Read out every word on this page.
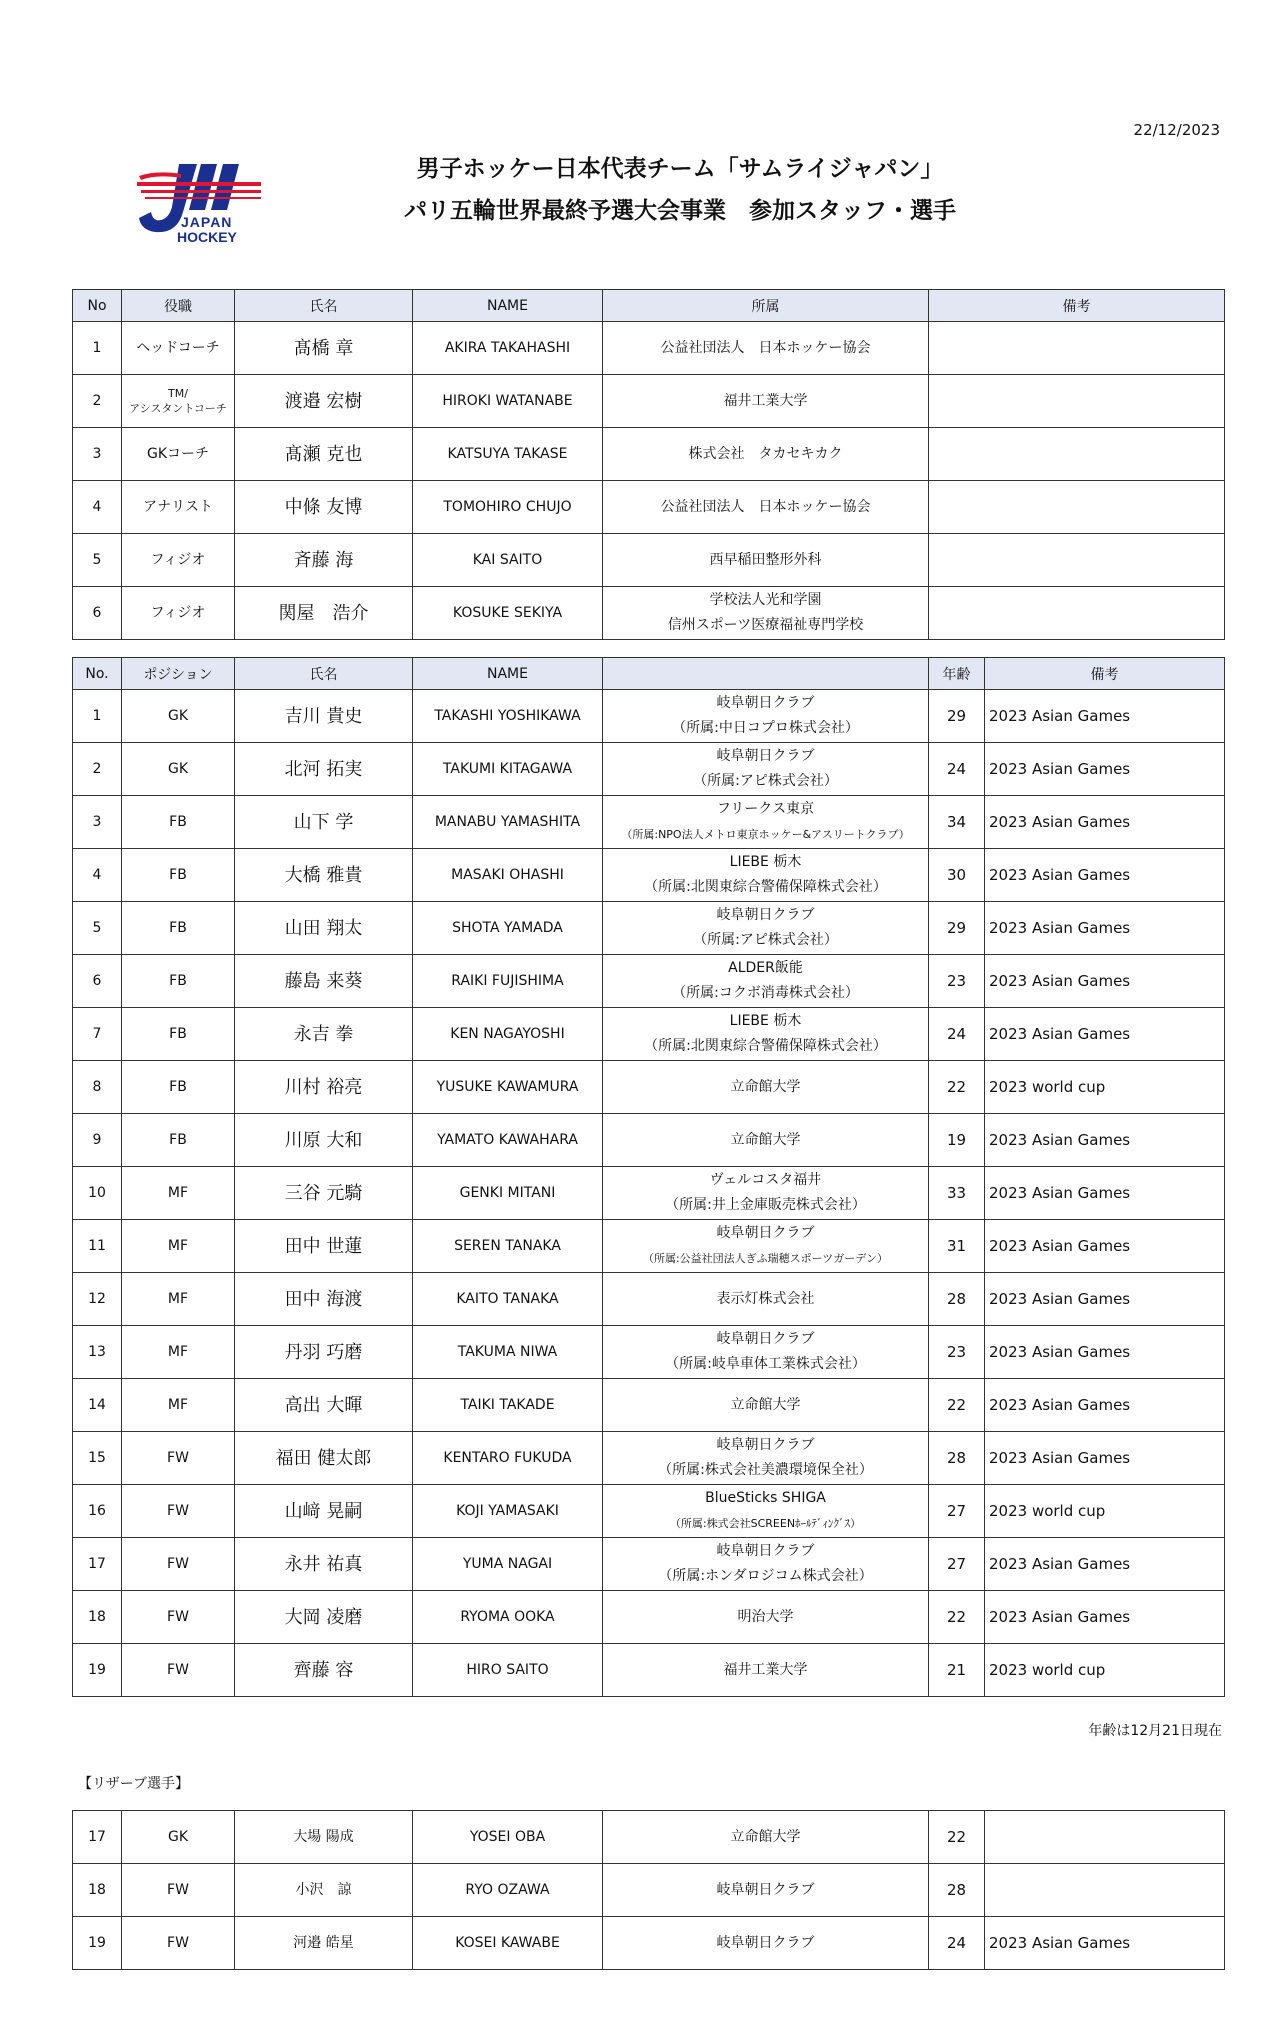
22/12/2023
JAPAN
HOCKEY
男子ホッケー日本代表チーム「サムライジャパン」
パリ五輪世界最終予選大会事業　参加スタッフ・選手
No	役職	氏名	NAME	所属	備考
1	ヘッドコーチ	髙橋 章	AKIRA TAKAHASHI	公益社団法人　日本ホッケー協会	
2	TM/
アシスタントコーチ	渡邉 宏樹	HIROKI WATANABE	福井工業大学	
3	GKコーチ	髙瀬 克也	KATSUYA TAKASE	株式会社　タカセキカク	
4	アナリスト	中條 友博	TOMOHIRO CHUJO	公益社団法人　日本ホッケー協会	
5	フィジオ	斉藤 海	KAI SAITO	西早稲田整形外科	
6	フィジオ	関屋　浩介	KOSUKE SEKIYA	学校法人光和学園
信州スポーツ医療福祉専門学校	

No.	ポジション	氏名	NAME		年齢	備考
1	GK	吉川 貴史	TAKASHI YOSHIKAWA	岐阜朝日クラブ
（所属:中日コプロ株式会社）	29	2023 Asian Games
2	GK	北河 拓実	TAKUMI KITAGAWA	岐阜朝日クラブ
（所属:アピ株式会社）	24	2023 Asian Games
3	FB	山下 学	MANABU YAMASHITA	フリークス東京
（所属:NPO法人メトロ東京ホッケー&アスリートクラブ）	34	2023 Asian Games
4	FB	大橋 雅貴	MASAKI OHASHI	LIEBE 栃木
（所属:北関東綜合警備保障株式会社）	30	2023 Asian Games
5	FB	山田 翔太	SHOTA YAMADA	岐阜朝日クラブ
（所属:アピ株式会社）	29	2023 Asian Games
6	FB	藤島 来葵	RAIKI FUJISHIMA	ALDER飯能
（所属:コクボ消毒株式会社）	23	2023 Asian Games
7	FB	永吉 拳	KEN NAGAYOSHI	LIEBE 栃木
（所属:北関東綜合警備保障株式会社）	24	2023 Asian Games
8	FB	川村 裕亮	YUSUKE KAWAMURA	立命館大学	22	2023 world cup
9	FB	川原 大和	YAMATO KAWAHARA	立命館大学	19	2023 Asian Games
10	MF	三谷 元騎	GENKI MITANI	ヴェルコスタ福井
（所属:井上金庫販売株式会社）	33	2023 Asian Games
11	MF	田中 世蓮	SEREN TANAKA	岐阜朝日クラブ
（所属:公益社団法人ぎふ瑞穂スポーツガーデン）	31	2023 Asian Games
12	MF	田中 海渡	KAITO TANAKA	表示灯株式会社	28	2023 Asian Games
13	MF	丹羽 巧磨	TAKUMA NIWA	岐阜朝日クラブ
（所属:岐阜車体工業株式会社）	23	2023 Asian Games
14	MF	高出 大暉	TAIKI TAKADE	立命館大学	22	2023 Asian Games
15	FW	福田 健太郎	KENTARO FUKUDA	岐阜朝日クラブ
（所属:株式会社美濃環境保全社）	28	2023 Asian Games
16	FW	山﨑 晃嗣	KOJI YAMASAKI	BlueSticks SHIGA
（所属:株式会社SCREENﾎｰﾙﾃﾞｨﾝｸﾞｽ）	27	2023 world cup
17	FW	永井 祐真	YUMA NAGAI	岐阜朝日クラブ
（所属:ホンダロジコム株式会社）	27	2023 Asian Games
18	FW	大岡 凌磨	RYOMA OOKA	明治大学	22	2023 Asian Games
19	FW	齊藤 容	HIRO SAITO	福井工業大学	21	2023 world cup
年齢は12月21日現在
【リザーブ選手】
17	GK	大場 陽成	YOSEI OBA	立命館大学	22	
18	FW	小沢　諒	RYO OZAWA	岐阜朝日クラブ	28	
19	FW	河邉 皓星	KOSEI KAWABE	岐阜朝日クラブ	24	2023 Asian Games
